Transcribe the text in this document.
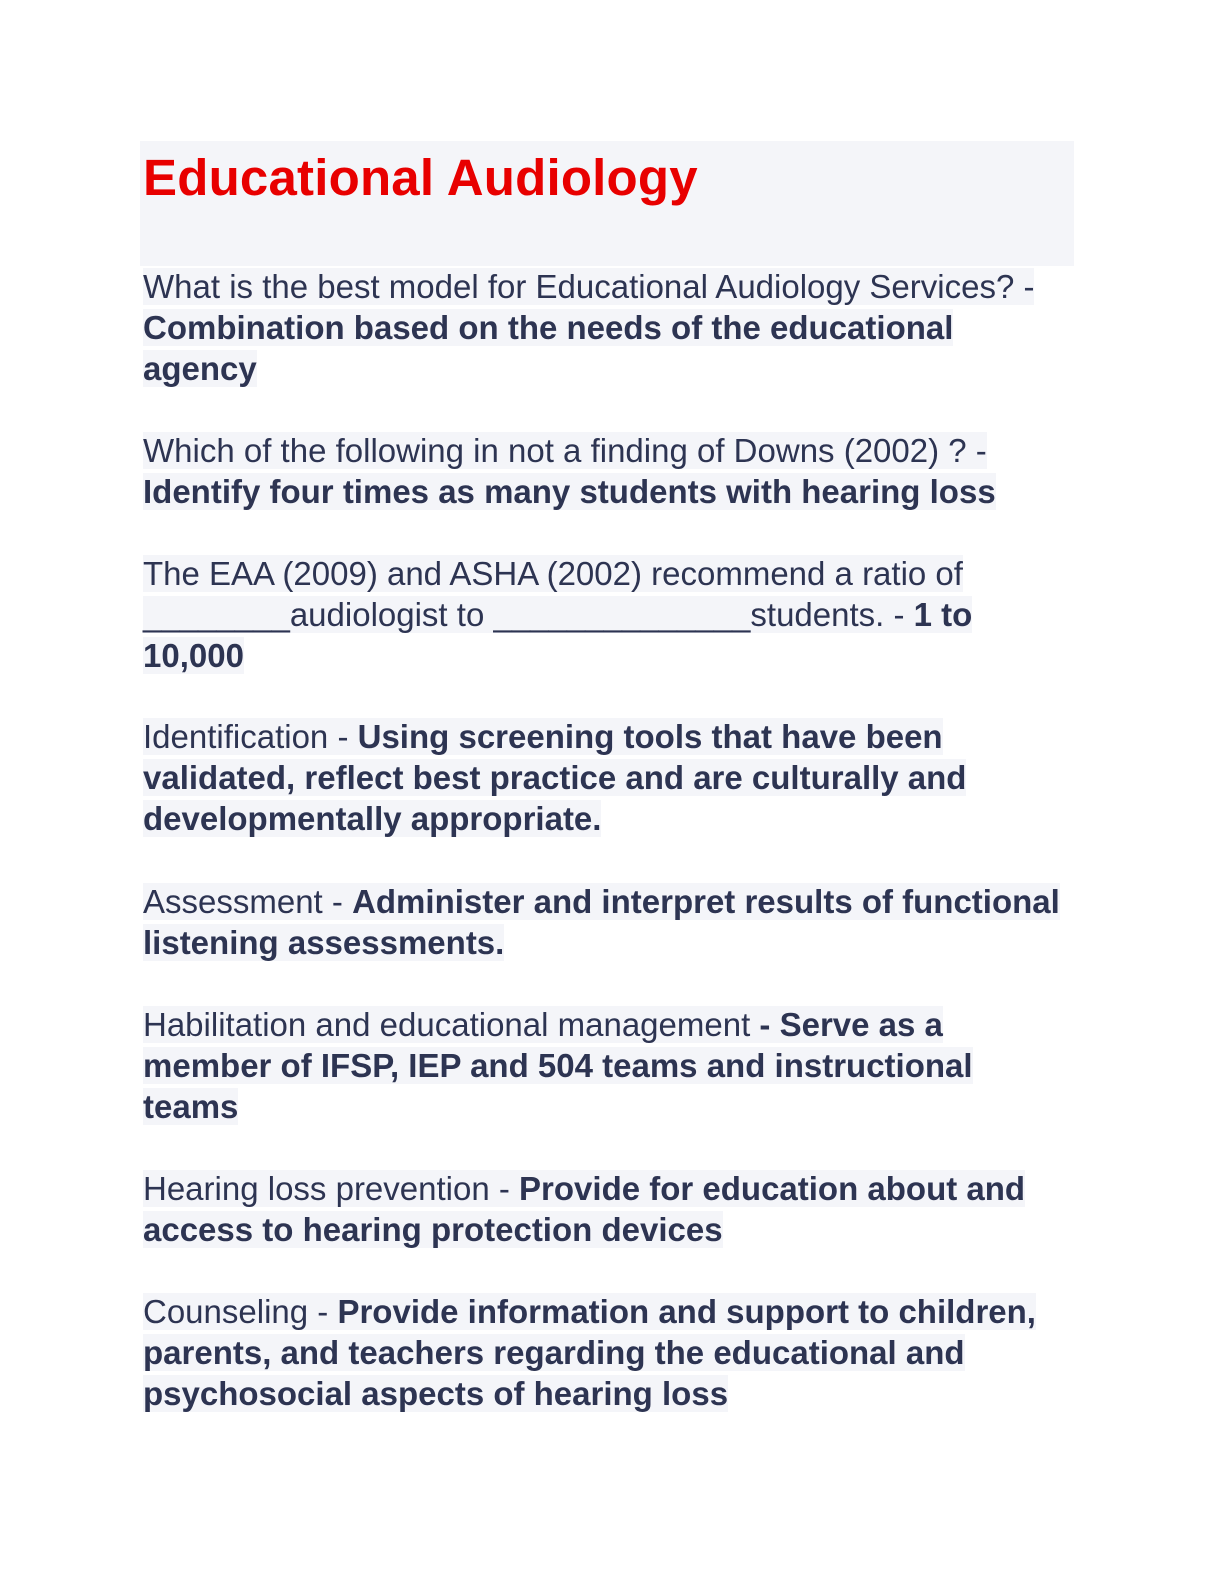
Educational Audiology

What is the best model for Educational Audiology Services? - Combination based on the needs of the educational agency

Which of the following in not a finding of Downs (2002) ? - Identify four times as many students with hearing loss

The EAA (2009) and ASHA (2002) recommend a ratio of ________audiologist to ______________students. - 1 to 10,000

Identification - Using screening tools that have been validated, reflect best practice and are culturally and developmentally appropriate.

Assessment - Administer and interpret results of functional listening assessments.

Habilitation and educational management - Serve as a member of IFSP, IEP and 504 teams and instructional teams

Hearing loss prevention - Provide for education about and access to hearing protection devices

Counseling - Provide information and support to children, parents, and teachers regarding the educational and psychosocial aspects of hearing loss
